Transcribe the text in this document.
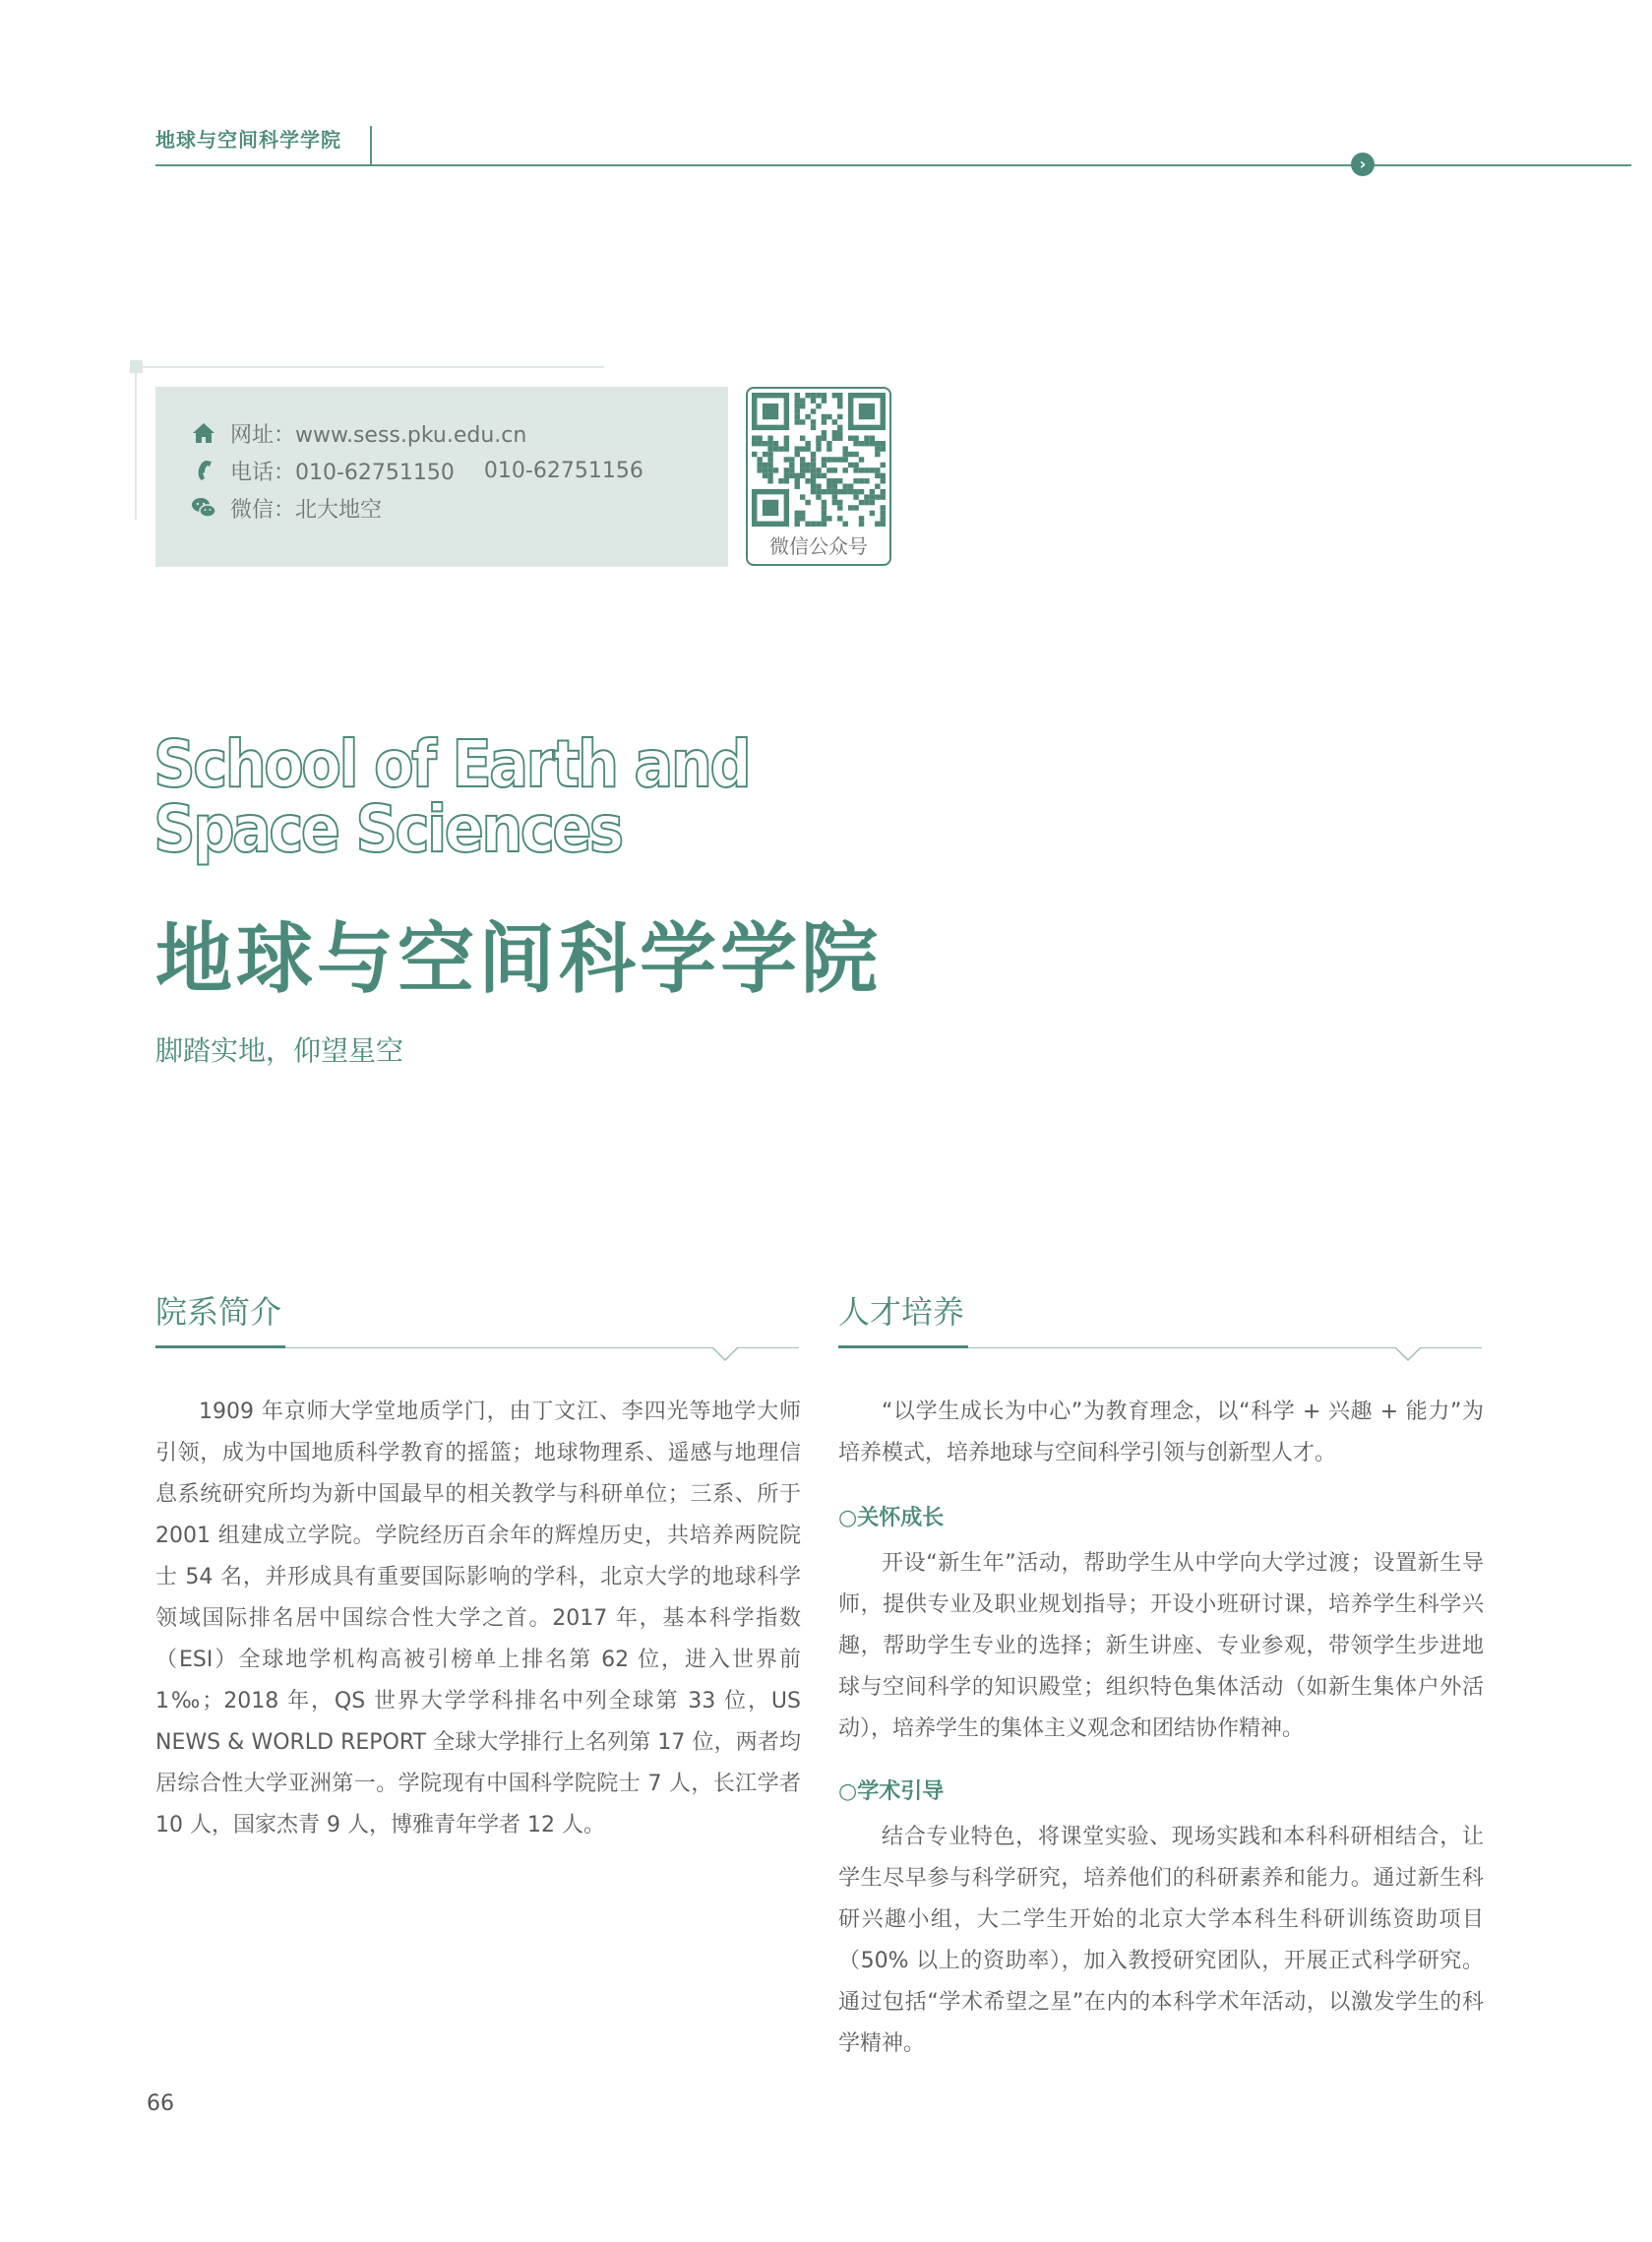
地球与空间科学学院
›
网址：www.sess.pku.edu.cn
电话：010-62751150 010-62751156
微信：北大地空
微信公众号
School of Earth and
Space Sciences
地球与空间科学学院
脚踏实地，仰望星空
院系简介
1909 年京师大学堂地质学门，由丁文江、李四光等地学大师引领，成为中国地质科学教育的摇篮；地球物理系、遥感与地理信息系统研究所均为新中国最早的相关教学与科研单位；三系、所于 2001 组建成立学院。学院经历百余年的辉煌历史，共培养两院院士 54 名，并形成具有重要国际影响的学科，北京大学的地球科学领域国际排名居中国综合性大学之首。2017 年，基本科学指数（ESI）全球地学机构高被引榜单上排名第 62 位，进入世界前 1‰；2018 年，QS 世界大学学科排名中列全球第 33 位，US NEWS & WORLD REPORT 全球大学排行上名列第 17 位，两者均居综合性大学亚洲第一。学院现有中国科学院院士 7 人，长江学者 10 人，国家杰青 9 人，博雅青年学者 12 人。
人才培养
“以学生成长为中心”为教育理念，以“科学 + 兴趣 + 能力”为培养模式，培养地球与空间科学引领与创新型人才。
○关怀成长
开设“新生年”活动，帮助学生从中学向大学过渡；设置新生导师，提供专业及职业规划指导；开设小班研讨课，培养学生科学兴趣，帮助学生专业的选择；新生讲座、专业参观，带领学生步进地球与空间科学的知识殿堂；组织特色集体活动（如新生集体户外活动），培养学生的集体主义观念和团结协作精神。
○学术引导
结合专业特色，将课堂实验、现场实践和本科科研相结合，让学生尽早参与科学研究，培养他们的科研素养和能力。通过新生科研兴趣小组，大二学生开始的北京大学本科生科研训练资助项目（50% 以上的资助率），加入教授研究团队，开展正式科学研究。通过包括“学术希望之星”在内的本科学术年活动，以激发学生的科学精神。
66
